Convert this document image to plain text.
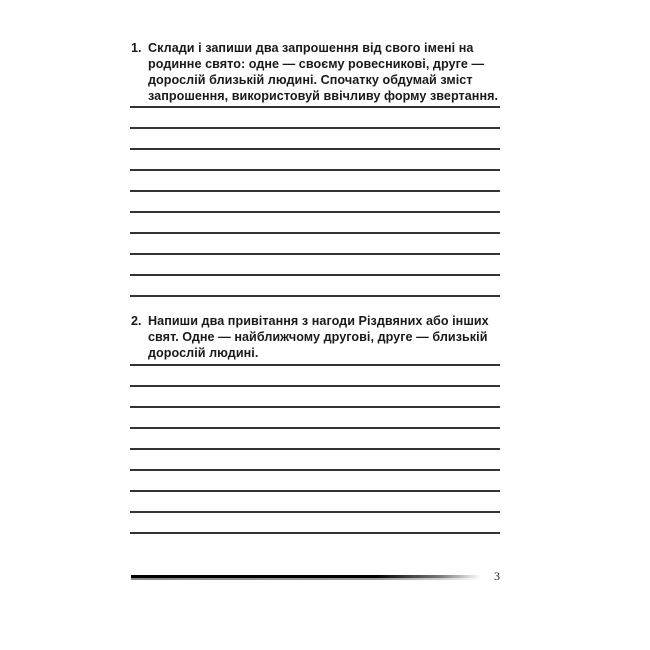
1. Склади і запиши два запрошення від свого імені на родинне свято: одне — своєму ровесникові, друге — дорослій близькій людині. Спочатку обдумай зміст запрошення, використовуй ввічливу форму звертання.
2. Напиши два привітання з нагоди Різдвяних або інших свят. Одне — найближчому другові, друге — близькій дорослій людині.
3
